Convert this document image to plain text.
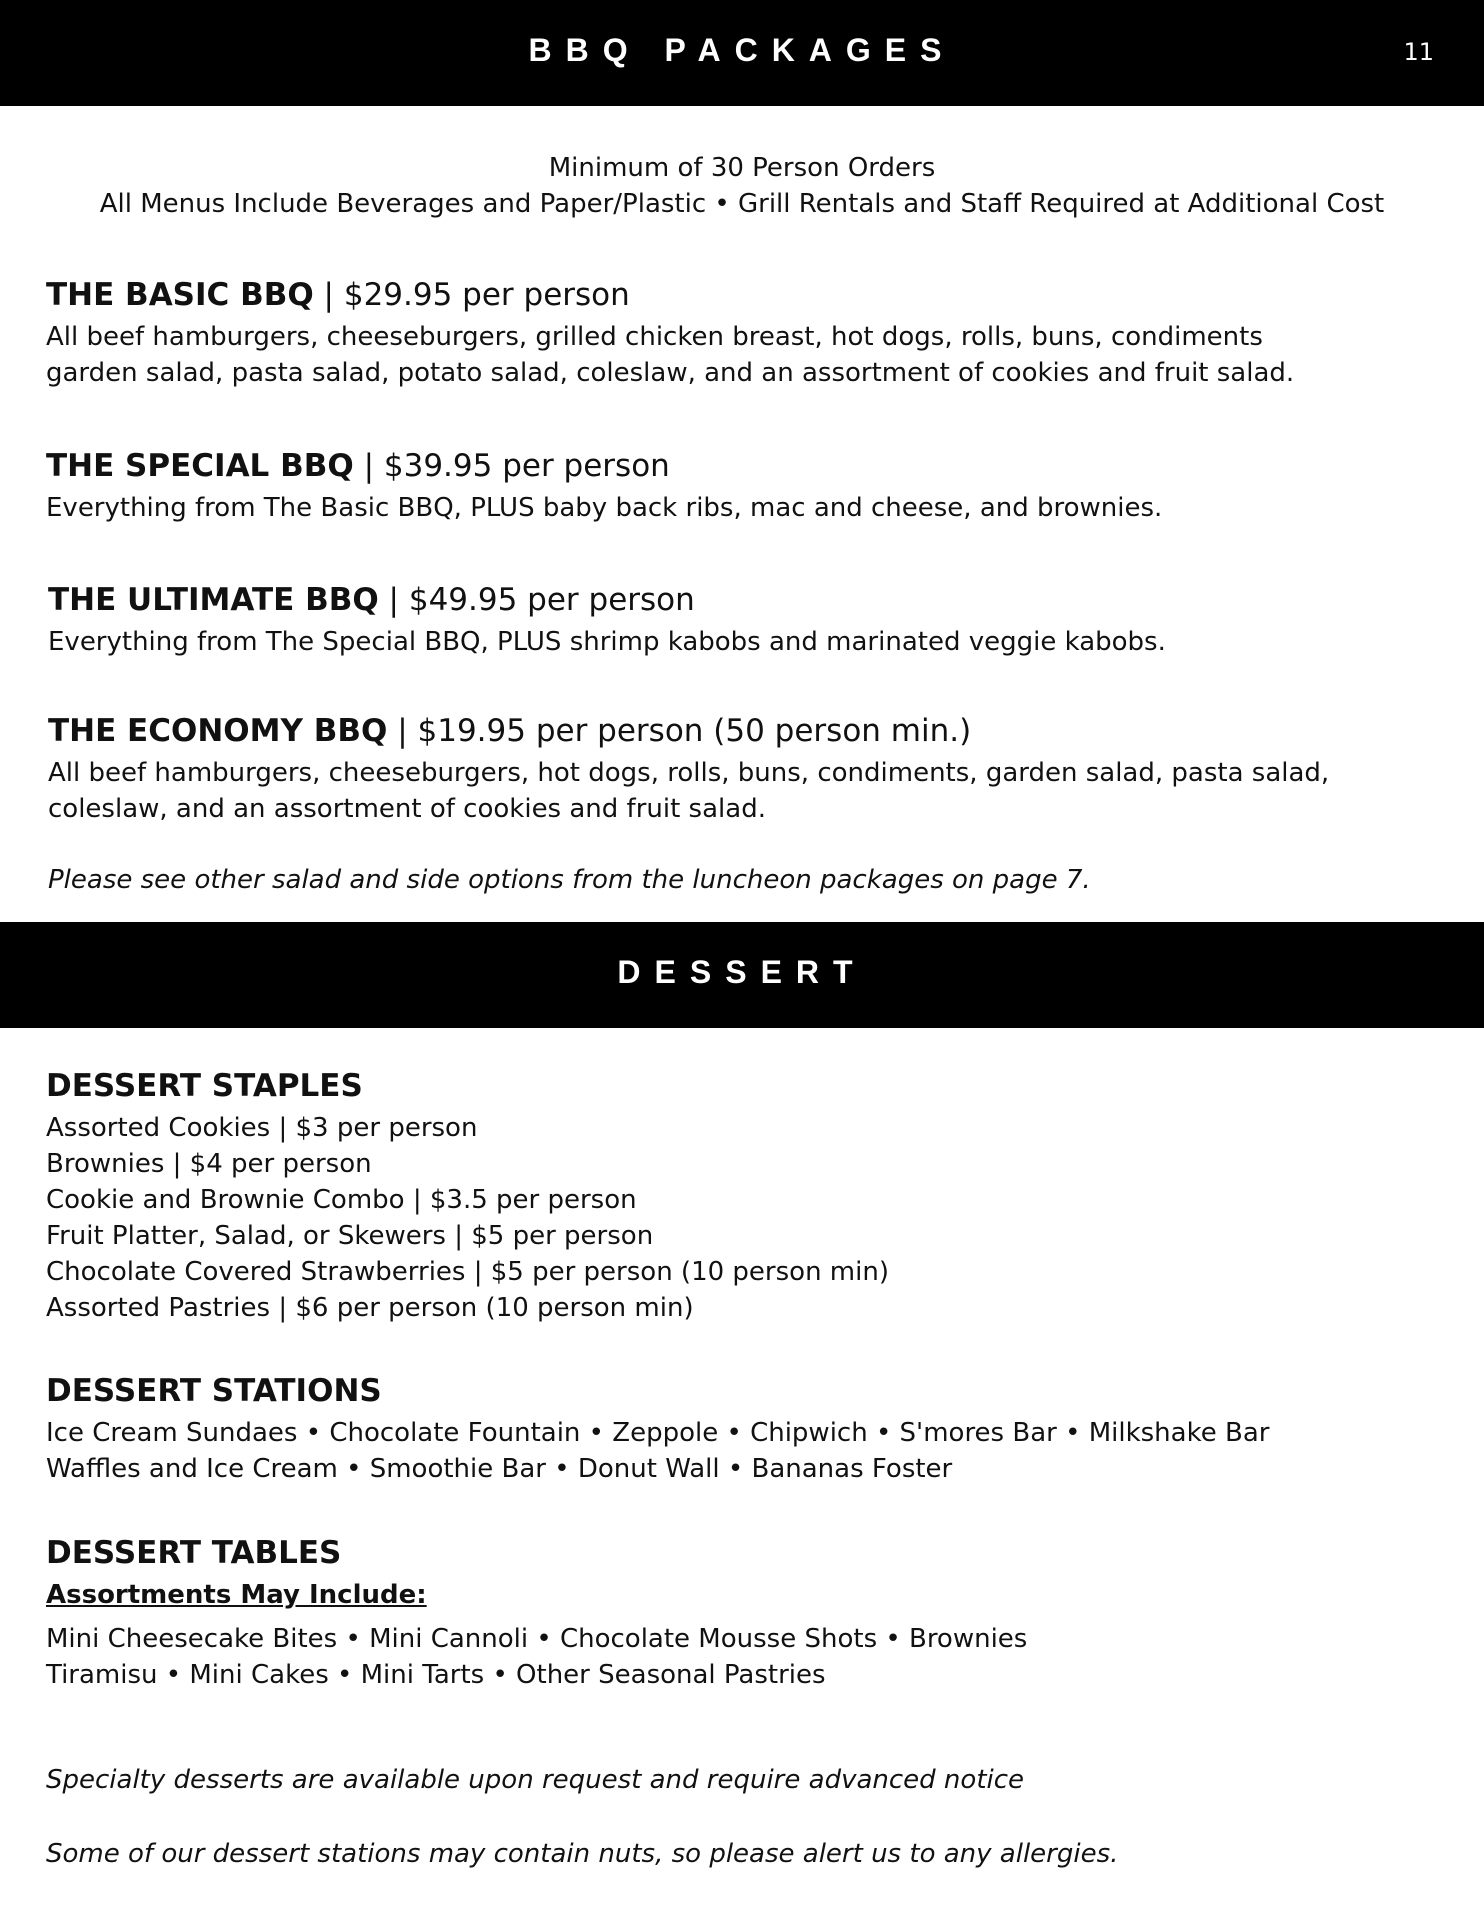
BBQ PACKAGES	11
Minimum of 30 Person Orders
All Menus Include Beverages and Paper/Plastic • Grill Rentals and Staff Required at Additional Cost

THE BASIC BBQ | $29.95 per person

All beef hamburgers, cheeseburgers, grilled chicken breast, hot dogs, rolls, buns, condiments
garden salad, pasta salad, potato salad, coleslaw, and an assortment of cookies and fruit salad.

THE SPECIAL BBQ | $39.95 per person

Everything from The Basic BBQ, PLUS baby back ribs, mac and cheese, and brownies.

THE ULTIMATE BBQ | $49.95 per person

Everything from The Special BBQ, PLUS shrimp kabobs and marinated veggie kabobs.

THE ECONOMY BBQ | $19.95 per person (50 person min.)

All beef hamburgers, cheeseburgers, hot dogs, rolls, buns, condiments, garden salad, pasta salad,
coleslaw, and an assortment of cookies and fruit salad.

Please see other salad and side options from the luncheon packages on page 7.
DESSERT

DESSERT STAPLES

Assorted Cookies | $3 per person

Brownies | $4 per person

Cookie and Brownie Combo | $3.5 per person

Fruit Platter, Salad, or Skewers | $5 per person

Chocolate Covered Strawberries | $5 per person (10 person min)

Assorted Pastries | $6 per person (10 person min)

DESSERT STATIONS

Ice Cream Sundaes • Chocolate Fountain • Zeppole • Chipwich • S'mores Bar • Milkshake Bar

Waffles and Ice Cream • Smoothie Bar • Donut Wall • Bananas Foster

DESSERT TABLES

Assortments May Include:

Mini Cheesecake Bites • Mini Cannoli • Chocolate Mousse Shots • Brownies

Tiramisu • Mini Cakes • Mini Tarts • Other Seasonal Pastries

Specialty desserts are available upon request and require advanced notice
Some of our dessert stations may contain nuts, so please alert us to any allergies.
